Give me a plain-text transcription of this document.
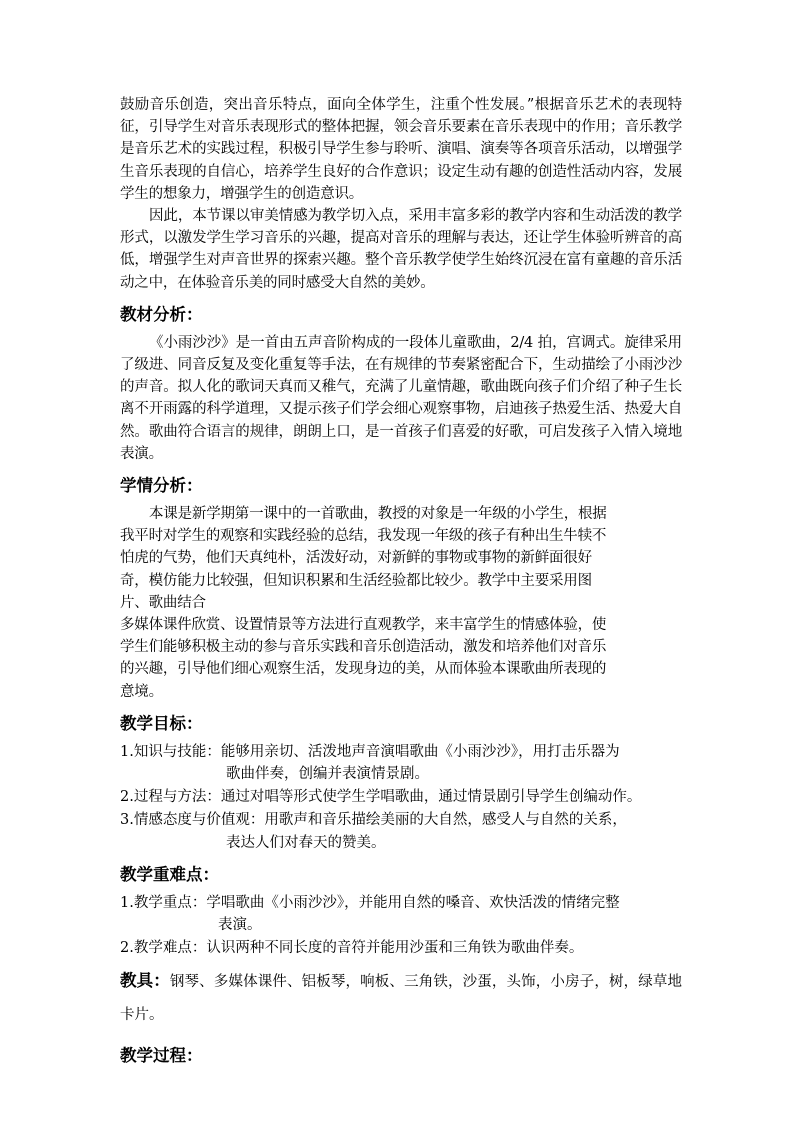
鼓励音乐创造，突出音乐特点，面向全体学生，注重个性发展。”根据音乐艺术的表现特征，引导学生对音乐表现形式的整体把握，领会音乐要素在音乐表现中的作用；音乐教学是音乐艺术的实践过程，积极引导学生参与聆听、演唱、演奏等各项音乐活动，以增强学生音乐表现的自信心，培养学生良好的合作意识；设定生动有趣的创造性活动内容，发展学生的想象力，增强学生的创造意识。

因此，本节课以审美情感为教学切入点，采用丰富多彩的教学内容和生动活泼的教学形式，以激发学生学习音乐的兴趣，提高对音乐的理解与表达，还让学生体验听辨音的高低，增强学生对声音世界的探索兴趣。整个音乐教学使学生始终沉浸在富有童趣的音乐活动之中，在体验音乐美的同时感受大自然的美妙。

教材分析：

《小雨沙沙》是一首由五声音阶构成的一段体儿童歌曲，2/4 拍，宫调式。旋律采用了级进、同音反复及变化重复等手法，在有规律的节奏紧密配合下，生动描绘了小雨沙沙的声音。拟人化的歌词天真而又稚气，充满了儿童情趣，歌曲既向孩子们介绍了种子生长离不开雨露的科学道理，又提示孩子们学会细心观察事物，启迪孩子热爱生活、热爱大自然。歌曲符合语言的规律，朗朗上口，是一首孩子们喜爱的好歌，可启发孩子入情入境地表演。

学情分析：
本课是新学期第一课中的一首歌曲，教授的对象是一年级的小学生，根据
我平时对学生的观察和实践经验的总结，我发现一年级的孩子有种出生牛犊不
怕虎的气势，他们天真纯朴，活泼好动，对新鲜的事物或事物的新鲜面很好
奇，模仿能力比较强，但知识积累和生活经验都比较少。教学中主要采用图
片、歌曲结合
多媒体课件欣赏、设置情景等方法进行直观教学，来丰富学生的情感体验，使
学生们能够积极主动的参与音乐实践和音乐创造活动，激发和培养他们对音乐
的兴趣，引导他们细心观察生活，发现身边的美，从而体验本课歌曲所表现的
意境。
教学目标：
1.知识与技能：能够用亲切、活泼地声音演唱歌曲《小雨沙沙》，用打击乐器为
歌曲伴奏，创编并表演情景剧。
2.过程与方法：通过对唱等形式使学生学唱歌曲，通过情景剧引导学生创编动作。
3.情感态度与价值观：用歌声和音乐描绘美丽的大自然，感受人与自然的关系，
表达人们对春天的赞美。
教学重难点：
1.教学重点：学唱歌曲《小雨沙沙》，并能用自然的嗓音、欢快活泼的情绪完整
表演。
2.教学难点：认识两种不同长度的音符并能用沙蛋和三角铁为歌曲伴奏。

教具：钢琴、多媒体课件、铝板琴，响板、三角铁，沙蛋，头饰，小房子，树，绿草地卡片。

教学过程：
